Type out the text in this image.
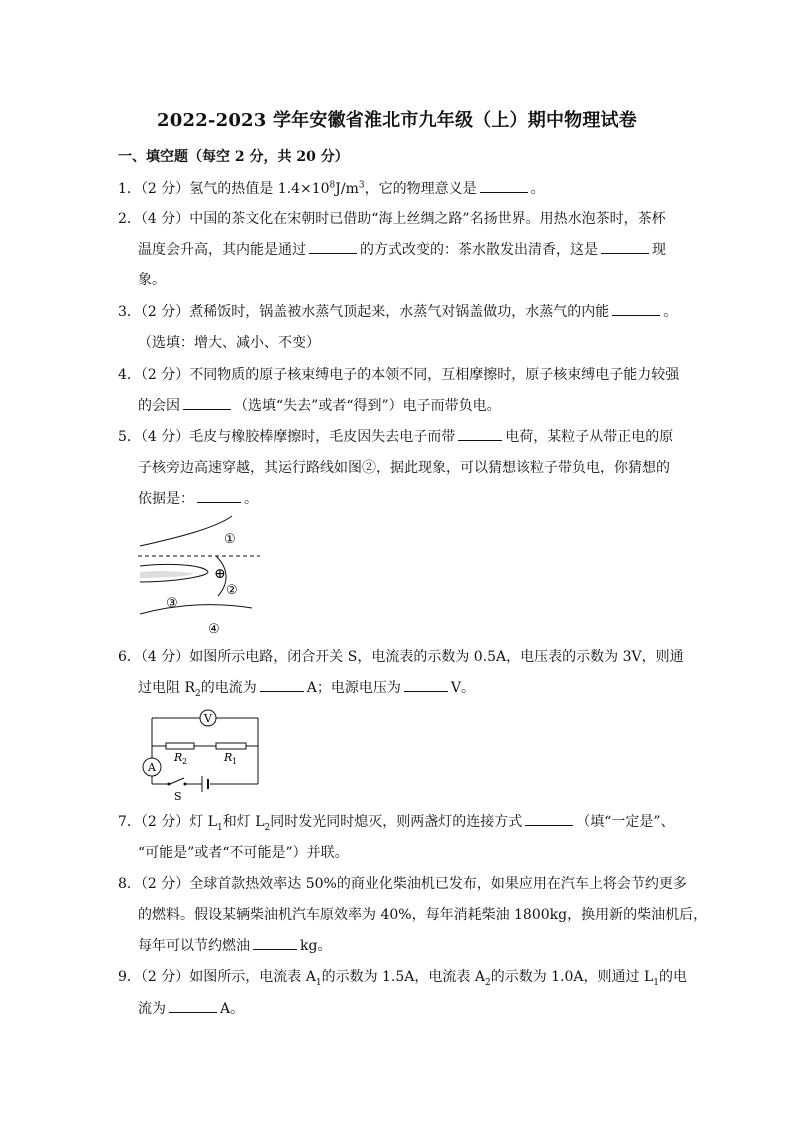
2022-2023 学年安徽省淮北市九年级（上）期中物理试卷
一、填空题（每空 2 分，共 20 分）
1．（2 分）氢气的热值是 $1.4\times 10^8J/m^3$，它的物理意义是	。
2．（4 分）中国的茶文化在宋朝时已借助“海上丝绸之路”名扬世界。用热水泡茶时，茶杯
温度会升高，其内能是通过	的方式改变的：茶水散发出清香，这是	现
象。
3．（2 分）煮稀饭时，锅盖被水蒸气顶起来，水蒸气对锅盖做功，水蒸气的内能	。
（选填：增大、减小、不变）
4．（2 分）不同物质的原子核束缚电子的本领不同，互相摩擦时，原子核束缚电子能力较强
的会因	（选填“失去”或者“得到”）电子而带负电。
5．（4 分）毛皮与橡胶棒摩擦时，毛皮因失去电子而带	电荷，某粒子从带正电的原
子核旁边高速穿越，其运行路线如图②，据此现象，可以猜想该粒子带负电，你猜想的
依据是：	。
①
⊕
②
③
④
6．（4 分）如图所示电路，闭合开关 S，电流表的示数为 0.5A，电压表的示数为 3V，则通
过电阻 $R_2$的电流为	A；电源电压为	V。
V
A
R 2	R 1
S
7．（2 分）灯 $L_1$和灯 $L_2$同时发光同时熄灭，则两盏灯的连接方式	（填“一定是”、
“可能是”或者“不可能是”）并联。
8．（2 分）全球首款热效率达 50%的商业化柴油机已发布，如果应用在汽车上将会节约更多
的燃料。假设某辆柴油机汽车原效率为 40%，每年消耗柴油 1800kg，换用新的柴油机后，
每年可以节约燃油	kg。
9．（2 分）如图所示，电流表 $A_1$的示数为 1.5A，电流表 $A_2$的示数为 1.0A，则通过 $L_1$的电
流为	A。
